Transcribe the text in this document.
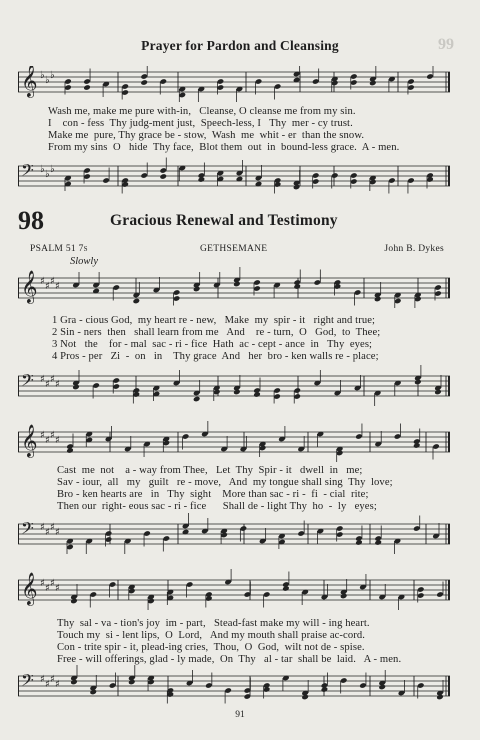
Prayer for Pardon and Cleansing	99
𝄞 ♭ ♭ ♭
Wash me, make me pure with-in,   Cleanse, O cleanse me from my sin.
I    con - fess  Thy judg-ment just,  Speech-less, I   Thy  mer - cy trust.
Make me  pure, Thy grace be - stow,  Wash  me  whit - er  than the snow.
From my sins  O   hide  Thy face,  Blot them  out  in  bound-less grace.  A - men.
𝄢 ♭ ♭ ♭
98	Gracious Renewal and Testimony
PSALM 51 7s	GETHSEMANE	John B. Dykes
Slowly
𝄞 ♯ ♯ ♯ ♯
1 Gra - cious God,  my heart re - new,   Make  my  spir - it   right and true;
2 Sin - ners  then   shall learn from me   And    re - turn,  O   God,  to  Thee;
3 Not   the    for - mal  sac - ri - fice  Hath  ac - cept - ance  in   Thy  eyes;
4 Pros - per   Zi  -  on   in    Thy grace  And   her  bro - ken walls re - place;
𝄢 ♯ ♯ ♯ ♯
𝄞 ♯ ♯ ♯ ♯
Cast  me  not    a - way from Thee,   Let  Thy  Spir - it   dwell  in   me;
Sav - iour,  all   my   guilt   re - move,   And  my tongue shall sing  Thy  love;
Bro - ken hearts are   in   Thy  sight    More than sac - ri -  fi  - cial  rite;
Then our  right- eous sac - ri - fice      Shall de - light Thy  ho  -  ly   eyes;
𝄢 ♯ ♯ ♯ ♯
𝄞 ♯ ♯ ♯ ♯
Thy  sal - va - tion's joy  im - part,   Stead-fast make my will - ing heart.
Touch my  si - lent lips,  O  Lord,   And my mouth shall praise ac-cord.
Con - trite spir - it, plead-ing cries,  Thou,  O  God,  wilt not de - spise.
Free - will offerings, glad - ly made,  On  Thy   al - tar  shall be  laid.   A - men.
𝄢 ♯ ♯ ♯ ♯
91
